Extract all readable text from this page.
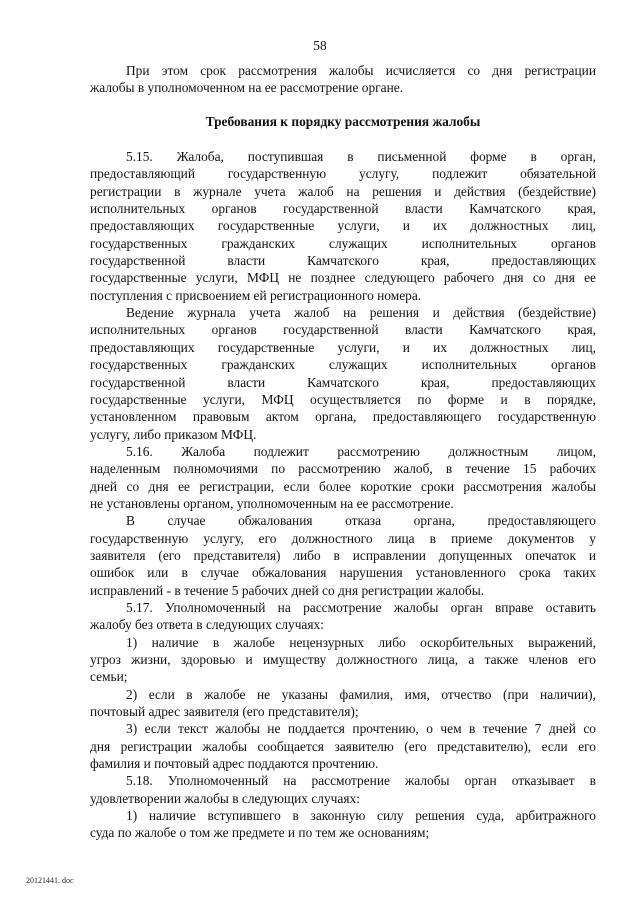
58
При этом срок рассмотрения жалобы исчисляется со дня регистрации
жалобы в уполномоченном на ее рассмотрение органе.
Требования к порядку рассмотрения жалобы
5.15. Жалоба, поступившая в письменной форме в орган,
предоставляющий государственную услугу, подлежит обязательной
регистрации в журнале учета жалоб на решения и действия (бездействие)
исполнительных органов государственной власти Камчатского края,
предоставляющих государственные услуги, и их должностных лиц,
государственных гражданских служащих исполнительных органов
государственной власти Камчатского края, предоставляющих
государственные услуги, МФЦ не позднее следующего рабочего дня со дня ее
поступления с присвоением ей регистрационного номера.
Ведение журнала учета жалоб на решения и действия (бездействие)
исполнительных органов государственной власти Камчатского края,
предоставляющих государственные услуги, и их должностных лиц,
государственных гражданских служащих исполнительных органов
государственной власти Камчатского края, предоставляющих
государственные услуги, МФЦ осуществляется по форме и в порядке,
установленном правовым актом органа, предоставляющего государственную
услугу, либо приказом МФЦ.
5.16. Жалоба подлежит рассмотрению должностным лицом,
наделенным полномочиями по рассмотрению жалоб, в течение 15 рабочих
дней со дня ее регистрации, если более короткие сроки рассмотрения жалобы
не установлены органом, уполномоченным на ее рассмотрение.
В случае обжалования отказа органа, предоставляющего
государственную услугу, его должностного лица в приеме документов у
заявителя (его представителя) либо в исправлении допущенных опечаток и
ошибок или в случае обжалования нарушения установленного срока таких
исправлений - в течение 5 рабочих дней со дня регистрации жалобы.
5.17. Уполномоченный на рассмотрение жалобы орган вправе оставить
жалобу без ответа в следующих случаях:
1) наличие в жалобе нецензурных либо оскорбительных выражений,
угроз жизни, здоровью и имуществу должностного лица, а также членов его
семьи;
2) если в жалобе не указаны фамилия, имя, отчество (при наличии),
почтовый адрес заявителя (его представителя);
3) если текст жалобы не поддается прочтению, о чем в течение 7 дней со
дня регистрации жалобы сообщается заявителю (его представителю), если его
фамилия и почтовый адрес поддаются прочтению.
5.18. Уполномоченный на рассмотрение жалобы орган отказывает в
удовлетворении жалобы в следующих случаях:
1) наличие вступившего в законную силу решения суда, арбитражного
суда по жалобе о том же предмете и по тем же основаниям;
20121441. doc
